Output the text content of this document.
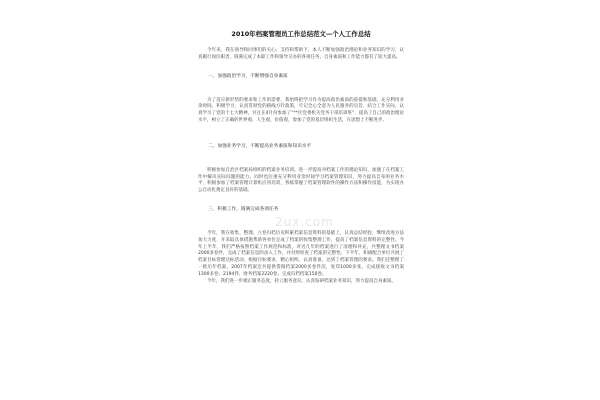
2ux.com
2010年档案管理员工作总结范文—个人工作总结

今年来，我在领导和同事们的关心、支持和帮助下，本人不断加强政治理论和业务知识的学习，认真履行岗位职责，圆满完成了本职工作和领导交办的各项任务，自身素质和工作能力都有了较大提高。

一、加强政治学习，不断增强自身素质

为了适应新形势的要求和工作的需要，我始终把学习作为提高政治素质的前提和基础，充分利用业余时间，积极学习，认真贯彻党的路线方针政策，牢记全心全意为人民服务的宗旨，结合工作实际，认真学习了党的十七大精神，并且在4月份参加了“**区党委机关党务干部培训班”，提高了自己的政治理论水平，树立了正确的世界观、人生观、价值观，参加了党的基层组织生活，在思想上不断进步。

二、加强业务学习，不断提高业务素质和知识水平

积极参加自治区档案局组织的档案业务培训，进一步提高对档案工作的理论知识，加强了在档案工作中解决实际问题的能力，同时也注重充分利用业余时间学习档案管理知识，努力提高自身的业务水平，积极参加了档案管理计算机应用培训，熟练掌握了档案管理软件的操作方法和操作技能，为实现办公自动化奠定良好的基础。

三、积极工作，圆满完成各项任务

今年，我在收集、整理、立卷归档历史积累档案信息资料的基础上，认真总结经验，继续改进方法加大力度，开采取具体措施帮助各单位完成了档案的收集整理工作，提高了档案信息资料的完整性。今年上半年，我们严格按照档案工作规范和标准，对近几年的档案进行了清理和补充，共整理文书档案2000多卷件，完成了档案信息的录入工作，并对照检查了档案的完整性。下半年，积极配合单位开展了档案目标管理达标活动，根据目标要求，精心组织，认真准备，达到了档案管理的要求。我们还整理了一批历年档案，2007年档案室共提供借阅档案2000多卷件次，复印1000多张，完成接收文书档案1300多卷、2194件、财务档案2220卷、完成归档档案150卷。

今年，我们进一步端正服务态度，转立服务意识，认真钻研档案业务知识，努力提高自身素质。
